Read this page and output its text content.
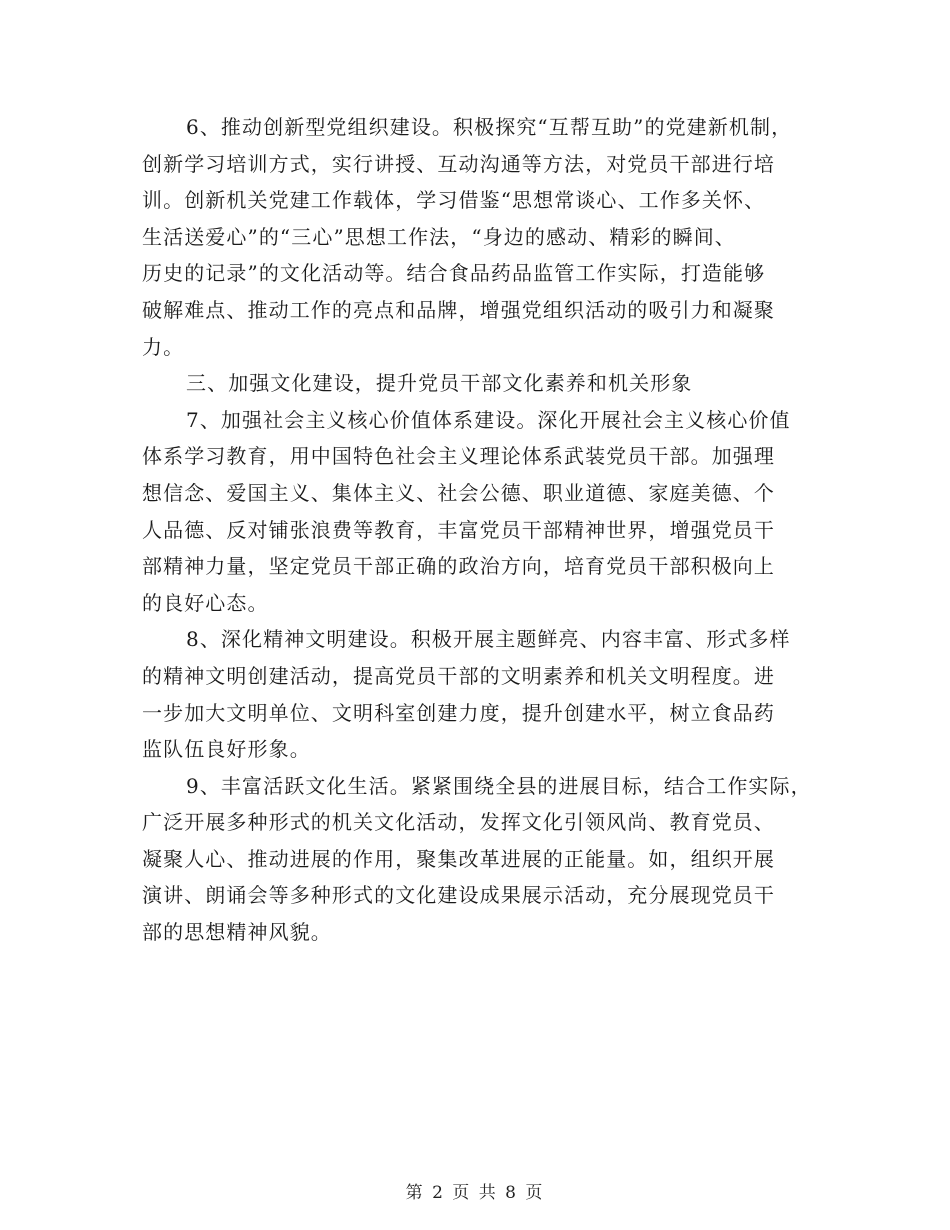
6、推动创新型党组织建设。积极探究“互帮互助”的党建新机制，
创新学习培训方式，实行讲授、互动沟通等方法，对党员干部进行培
训。创新机关党建工作载体，学习借鉴“思想常谈心、工作多关怀、
生活送爱心”的“三心”思想工作法，“身边的感动、精彩的瞬间、
历史的记录”的文化活动等。结合食品药品监管工作实际，打造能够
破解难点、推动工作的亮点和品牌，增强党组织活动的吸引力和凝聚
力。
三、加强文化建设，提升党员干部文化素养和机关形象
7、加强社会主义核心价值体系建设。深化开展社会主义核心价值
体系学习教育，用中国特色社会主义理论体系武装党员干部。加强理
想信念、爱国主义、集体主义、社会公德、职业道德、家庭美德、个
人品德、反对铺张浪费等教育，丰富党员干部精神世界，增强党员干
部精神力量，坚定党员干部正确的政治方向，培育党员干部积极向上
的良好心态。
8、深化精神文明建设。积极开展主题鲜亮、内容丰富、形式多样
的精神文明创建活动，提高党员干部的文明素养和机关文明程度。进
一步加大文明单位、文明科室创建力度，提升创建水平，树立食品药
监队伍良好形象。
9、丰富活跃文化生活。紧紧围绕全县的进展目标，结合工作实际，
广泛开展多种形式的机关文化活动，发挥文化引领风尚、教育党员、
凝聚人心、推动进展的作用，聚集改革进展的正能量。如，组织开展
演讲、朗诵会等多种形式的文化建设成果展示活动，充分展现党员干
部的思想精神风貌。
第 2 页 共 8 页
